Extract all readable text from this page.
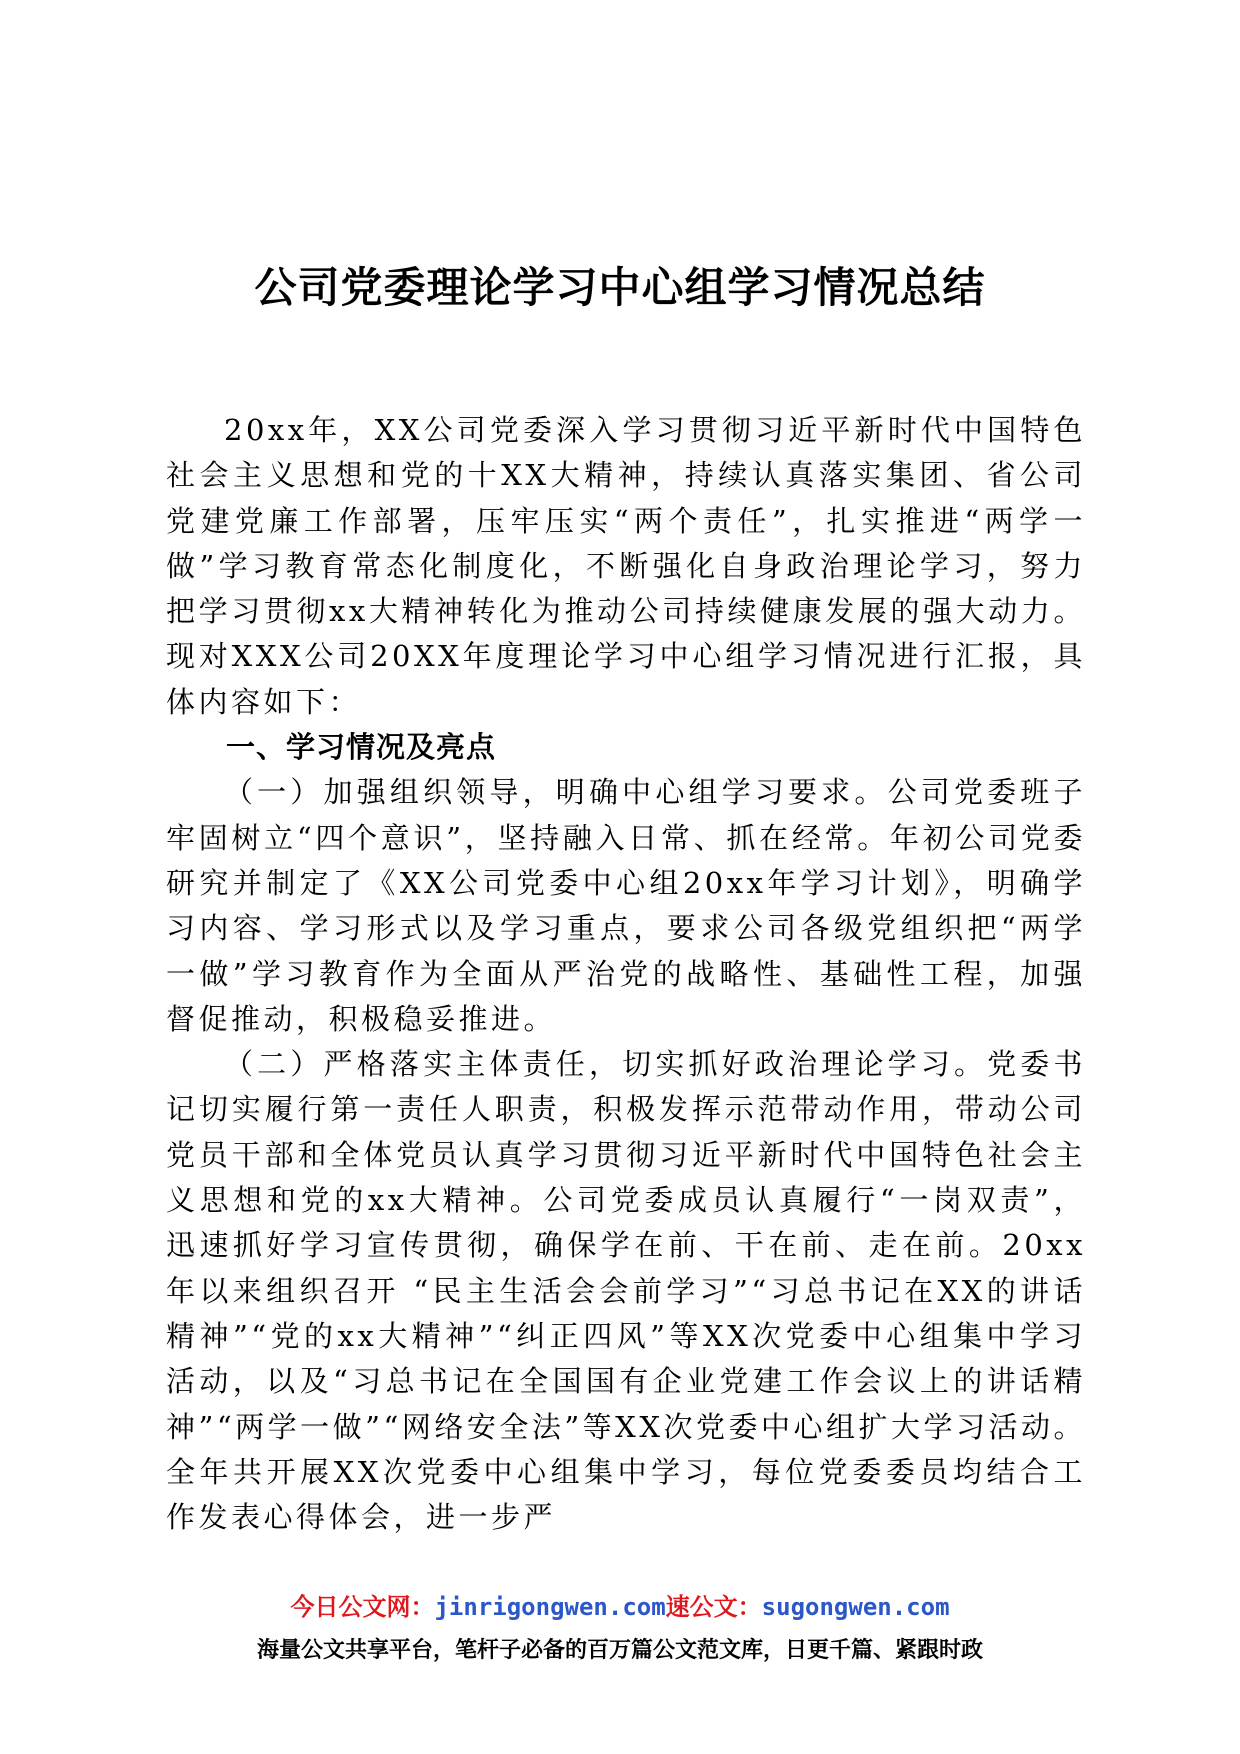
公司党委理论学习中心组学习情况总结

20xx年，XX公司党委深入学习贯彻习近平新时代中国特色社会主义思想和党的十XX大精神，持续认真落实集团、省公司党建党廉工作部署，压牢压实“两个责任”，扎实推进“两学一做”学习教育常态化制度化，不断强化自身政治理论学习，努力把学习贯彻xx大精神转化为推动公司持续健康发展的强大动力。现对XXX公司20XX年度理论学习中心组学习情况进行汇报，具体内容如下：

一、学习情况及亮点

（一）加强组织领导，明确中心组学习要求。公司党委班子牢固树立“四个意识”，坚持融入日常、抓在经常。年初公司党委研究并制定了《XX公司党委中心组20xx年学习计划》，明确学习内容、学习形式以及学习重点，要求公司各级党组织把“两学一做”学习教育作为全面从严治党的战略性、基础性工程，加强督促推动，积极稳妥推进。

（二）严格落实主体责任，切实抓好政治理论学习。党委书记切实履行第一责任人职责，积极发挥示范带动作用，带动公司党员干部和全体党员认真学习贯彻习近平新时代中国特色社会主义思想和党的xx大精神。公司党委成员认真履行“一岗双责”，迅速抓好学习宣传贯彻，确保学在前、干在前、走在前。20xx年以来组织召开 “民主生活会会前学习”“习总书记在XX的讲话精神”“党的xx大精神”“纠正四风”等XX次党委中心组集中学习活动，以及“习总书记在全国国有企业党建工作会议上的讲话精神”“两学一做”“网络安全法”等XX次党委中心组扩大学习活动。全年共开展XX次党委中心组集中学习，每位党委委员均结合工作发表心得体会，进一步严

今日公文网：jinrigongwen.com速公文：sugongwen.com
海量公文共享平台，笔杆子必备的百万篇公文范文库，日更千篇、紧跟时政
